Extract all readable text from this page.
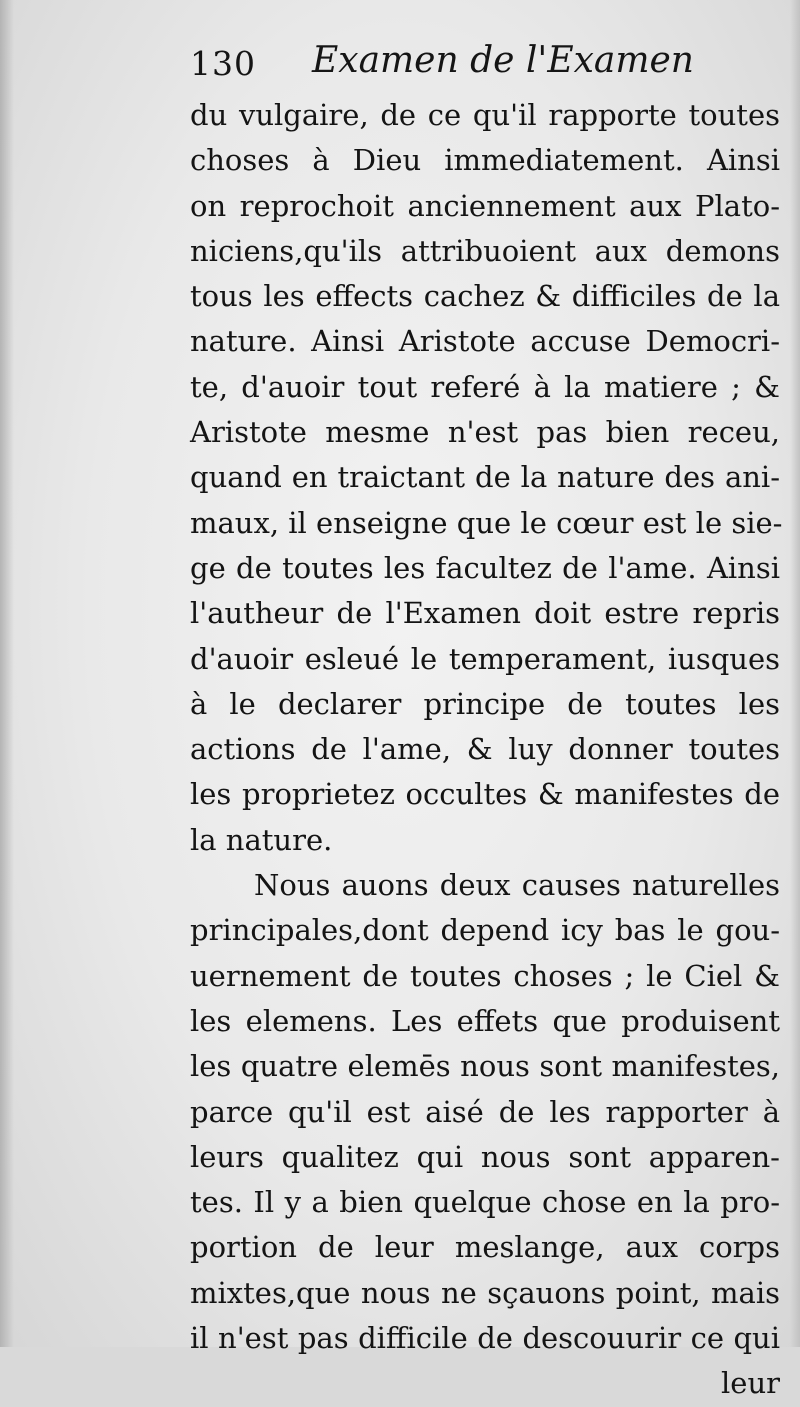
130 Examen de l'Examen
du vulgaire, de ce qu'il rapporte toutes
choses à Dieu immediatement. Ainsi
on reprochoit anciennement aux Plato-
niciens,qu'ils attribuoient aux demons
tous les effects cachez & difficiles de la
nature. Ainsi Aristote accuse Democri-
te, d'auoir tout referé à la matiere ; &
Aristote mesme n'est pas bien receu,
quand en traictant de la nature des ani-
maux, il enseigne que le cœur est le sie-
ge de toutes les facultez de l'ame. Ainsi
l'autheur de l'Examen doit estre repris
d'auoir esleué le temperament, iusques
à le declarer principe de toutes les
actions de l'ame, & luy donner toutes
les proprietez occultes & manifestes de
la nature.
Nous auons deux causes naturelles
principales,dont depend icy bas le gou-
uernement de toutes choses ; le Ciel &
les elemens. Les effets que produisent
les quatre elemēs nous sont manifestes,
parce qu'il est aisé de les rapporter à
leurs qualitez qui nous sont apparen-
tes. Il y a bien quelque chose en la pro-
portion de leur meslange, aux corps
mixtes,que nous ne sçauons point, mais
il n'est pas difficile de descouurir ce qui
leur
